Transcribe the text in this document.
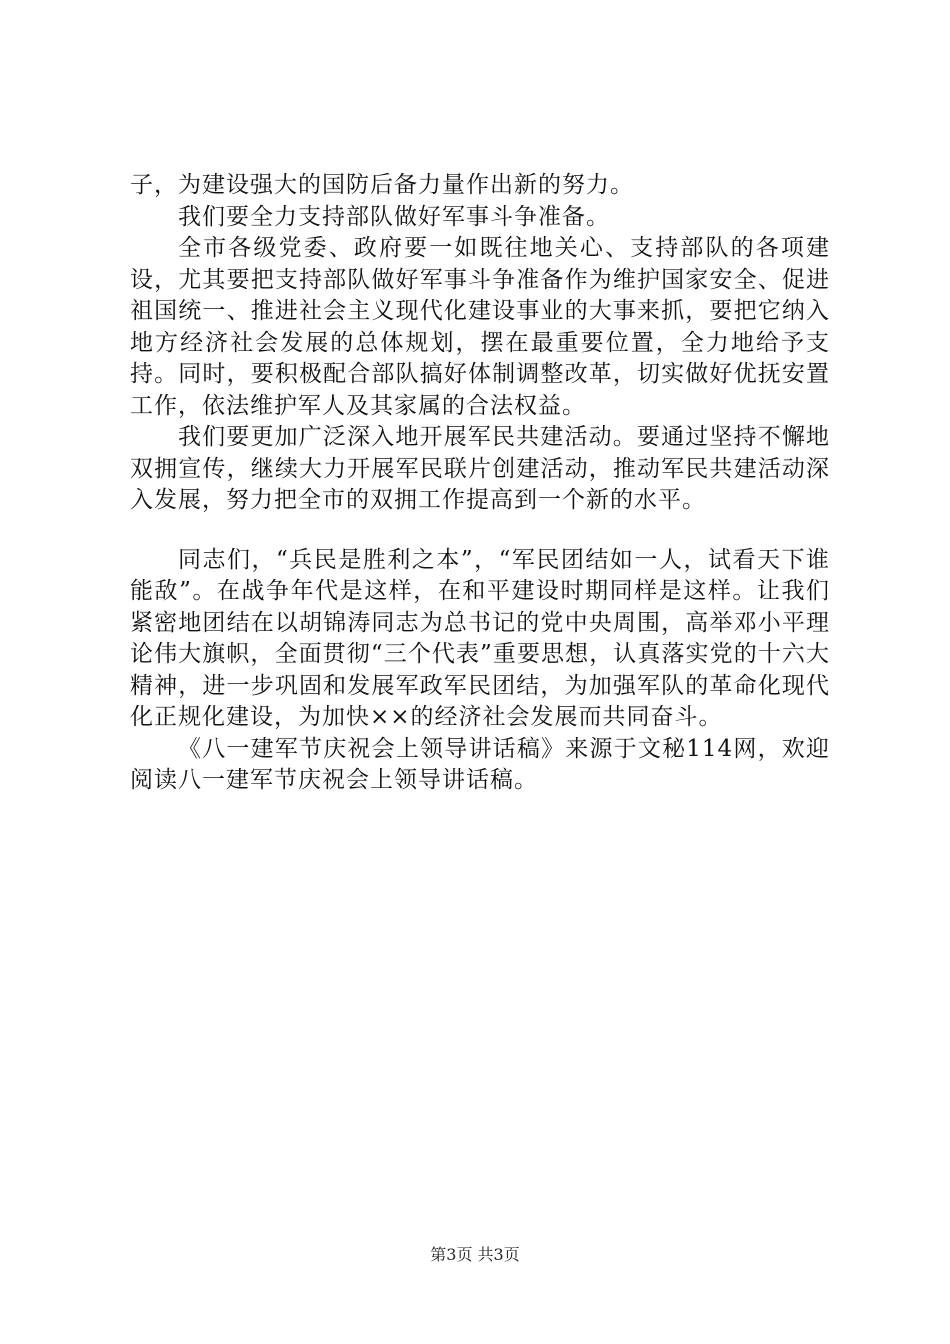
子，为建设强大的国防后备力量作出新的努力。

我们要全力支持部队做好军事斗争准备。

全市各级党委、政府要一如既往地关心、支持部队的各项建设，尤其要把支持部队做好军事斗争准备作为维护国家安全、促进祖国统一、推进社会主义现代化建设事业的大事来抓，要把它纳入地方经济社会发展的总体规划，摆在最重要位置，全力地给予支持。同时，要积极配合部队搞好体制调整改革，切实做好优抚安置工作，依法维护军人及其家属的合法权益。

我们要更加广泛深入地开展军民共建活动。要通过坚持不懈地双拥宣传，继续大力开展军民联片创建活动，推动军民共建活动深入发展，努力把全市的双拥工作提高到一个新的水平。

同志们，“兵民是胜利之本”，“军民团结如一人，试看天下谁能敌”。在战争年代是这样，在和平建设时期同样是这样。让我们紧密地团结在以胡锦涛同志为总书记的党中央周围，高举邓小平理论伟大旗帜，全面贯彻“三个代表”重要思想，认真落实党的十六大精神，进一步巩固和发展军政军民团结，为加强军队的革命化现代化正规化建设，为加快××的经济社会发展而共同奋斗。

《八一建军节庆祝会上领导讲话稿》来源于文秘114网，欢迎阅读八一建军节庆祝会上领导讲话稿。

第3页 共3页
